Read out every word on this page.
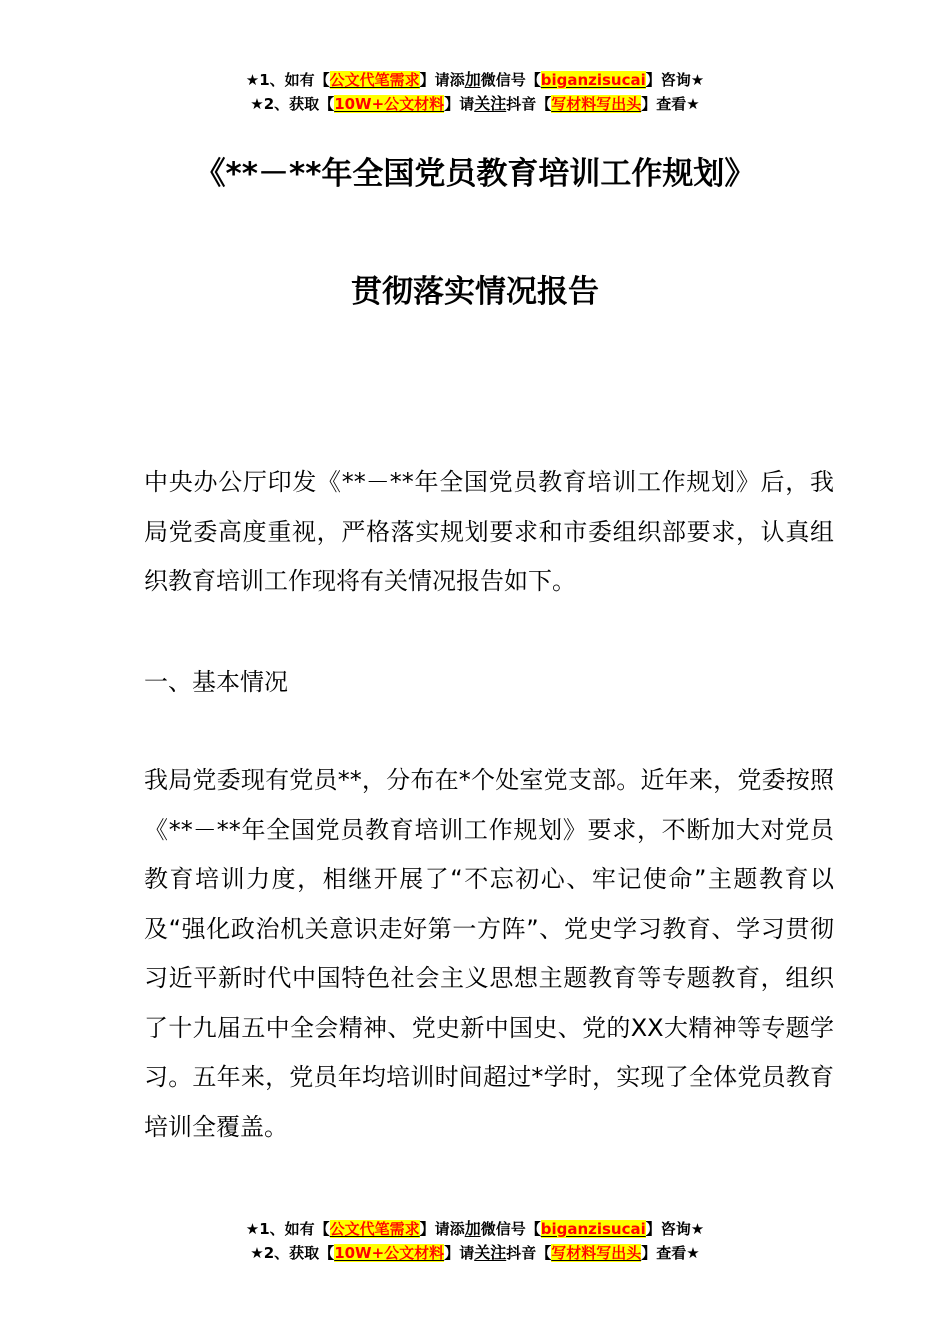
★1、如有【公文代笔需求】请添加微信号【biganzisucai】咨询★
★2、获取【10W+公文材料】请关注抖音【写材料写出头】查看★
《**－**年全国党员教育培训工作规划》
贯彻落实情况报告
中央办公厅印发《**－**年全国党员教育培训工作规划》后，我局党委高度重视，严格落实规划要求和市委组织部要求，认真组织教育培训工作现将有关情况报告如下。
一、基本情况
我局党委现有党员**，分布在*个处室党支部。近年来，党委按照《**－**年全国党员教育培训工作规划》要求，不断加大对党员教育培训力度，相继开展了“不忘初心、牢记使命”主题教育以及“强化政治机关意识走好第一方阵”、党史学习教育、学习贯彻习近平新时代中国特色社会主义思想主题教育等专题教育，组织了十九届五中全会精神、党史新中国史、党的XX大精神等专题学习。五年来，党员年均培训时间超过*学时，实现了全体党员教育培训全覆盖。
★1、如有【公文代笔需求】请添加微信号【biganzisucai】咨询★
★2、获取【10W+公文材料】请关注抖音【写材料写出头】查看★
